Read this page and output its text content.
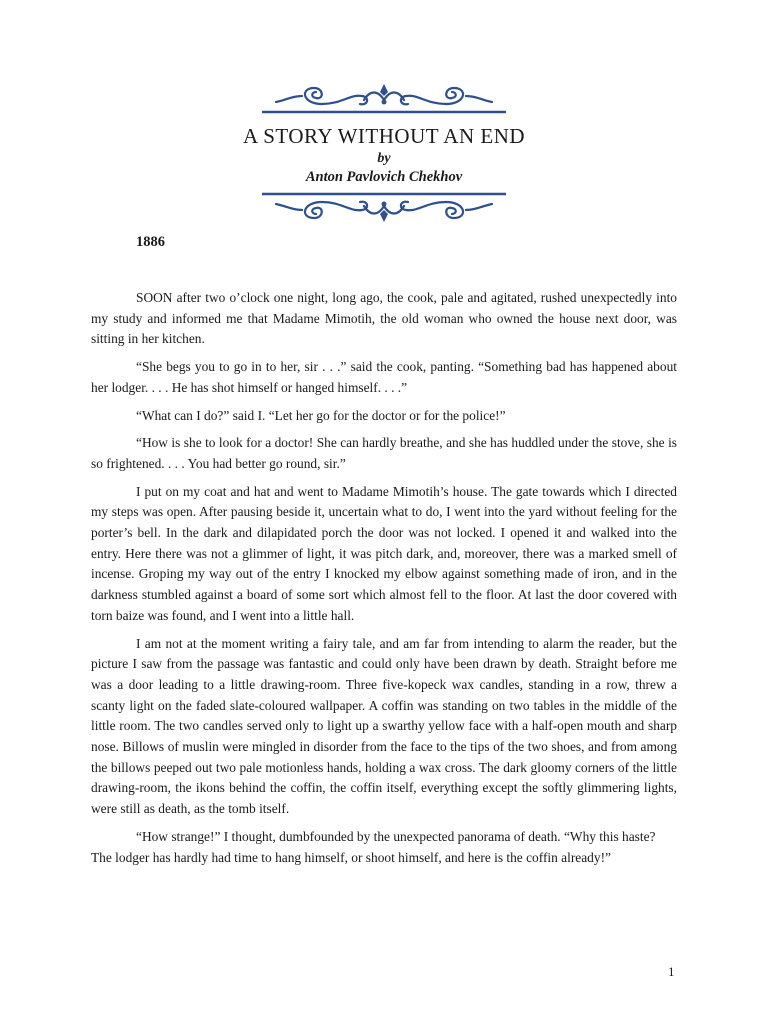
A STORY WITHOUT AN END
by
Anton Pavlovich Chekhov
1886

SOON after two o’clock one night, long ago, the cook, pale and agitated, rushed unexpectedly into my study and informed me that Madame Mimotih, the old woman who owned the house next door, was sitting in her kitchen.

“She begs you to go in to her, sir . . .” said the cook, panting. “Something bad has happened about her lodger. . . . He has shot himself or hanged himself. . . .”

“What can I do?” said I. “Let her go for the doctor or for the police!”

“How is she to look for a doctor! She can hardly breathe, and she has huddled under the stove, she is so frightened. . . . You had better go round, sir.”

I put on my coat and hat and went to Madame Mimotih’s house. The gate towards which I directed my steps was open. After pausing beside it, uncertain what to do, I went into the yard without feeling for the porter’s bell. In the dark and dilapidated porch the door was not locked. I opened it and walked into the entry. Here there was not a glimmer of light, it was pitch dark, and, moreover, there was a marked smell of incense. Groping my way out of the entry I knocked my elbow against something made of iron, and in the darkness stumbled against a board of some sort which almost fell to the floor. At last the door covered with torn baize was found, and I went into a little hall.

I am not at the moment writing a fairy tale, and am far from intending to alarm the reader, but the picture I saw from the passage was fantastic and could only have been drawn by death. Straight before me was a door leading to a little drawing-room. Three five-kopeck wax candles, standing in a row, threw a scanty light on the faded slate-coloured wallpaper. A coffin was standing on two tables in the middle of the little room. The two candles served only to light up a swarthy yellow face with a half-open mouth and sharp nose. Billows of muslin were mingled in disorder from the face to the tips of the two shoes, and from among the billows peeped out two pale motionless hands, holding a wax cross. The dark gloomy corners of the little drawing-room, the ikons behind the coffin, the coffin itself, everything except the softly glimmering lights, were still as death, as the tomb itself.

“How strange!” I thought, dumbfounded by the unexpected panorama of death. “Why this haste? The lodger has hardly had time to hang himself, or shoot himself, and here is the coffin already!”

1
